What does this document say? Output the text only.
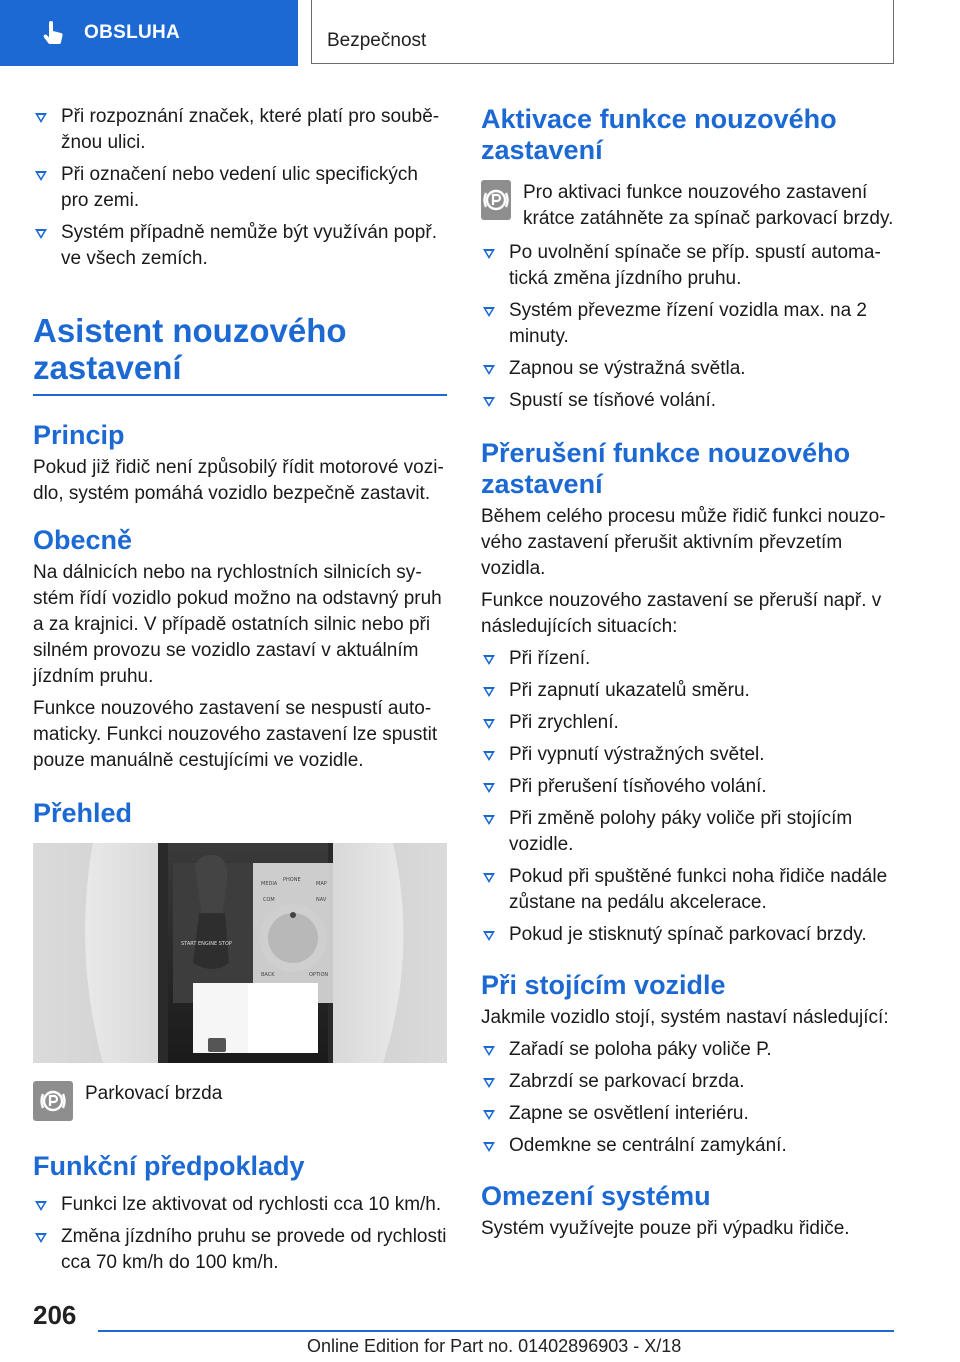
OBSLUHA	Bezpečnost
Při rozpoznání značek, které platí pro souběžnou ulici.
Při označení nebo vedení ulic specifických pro zemi.
Systém případně nemůže být využíván popř. ve všech zemích.
Asistent nouzového zastavení
Princip

Pokud již řidič není způsobilý řídit motorové vozidlo, systém pomáhá vozidlo bezpečně zastavit.

Obecně

Na dálnicích nebo na rychlostních silnicích systém řídí vozidlo pokud možno na odstavný pruh a za krajnici. V případě ostatních silnic nebo při silném provozu se vozidlo zastaví v aktuálním jízdním pruhu.

Funkce nouzového zastavení se nespustí automaticky. Funkci nouzového zastavení lze spustit pouze manuálně cestujícími ve vozidle.

Přehled
START ENGINE STOP
MEDIA
PHONE
MAP
COM	NAV
BACK	OPTION
Parkovací brzda
Funkční předpoklady
Funkci lze aktivovat od rychlosti cca 10 km/h.
Změna jízdního pruhu se provede od rychlosti cca 70 km/h do 100 km/h.
Aktivace funkce nouzového zastavení
Pro aktivaci funkce nouzového zastavení krátce zatáhněte za spínač parkovací brzdy.
Po uvolnění spínače se příp. spustí automatická změna jízdního pruhu.
Systém převezme řízení vozidla max. na 2 minuty.
Zapnou se výstražná světla.
Spustí se tísňové volání.
Přerušení funkce nouzového zastavení

Během celého procesu může řidič funkci nouzového zastavení přerušit aktivním převzetím vozidla.

Funkce nouzového zastavení se přeruší např. v následujících situacích:

Při řízení.
Při zapnutí ukazatelů směru.
Při zrychlení.
Při vypnutí výstražných světel.
Při přerušení tísňového volání.
Při změně polohy páky voliče při stojícím vozidle.
Pokud při spuštěné funkci noha řidiče nadále zůstane na pedálu akcelerace.
Pokud je stisknutý spínač parkovací brzdy.
Při stojícím vozidle

Jakmile vozidlo stojí, systém nastaví následující:

Zařadí se poloha páky voliče P.
Zabrzdí se parkovací brzda.
Zapne se osvětlení interiéru.
Odemkne se centrální zamykání.
Omezení systému

Systém využívejte pouze při výpadku řidiče.

206
Online Edition for Part no. 01402896903 - X/18
